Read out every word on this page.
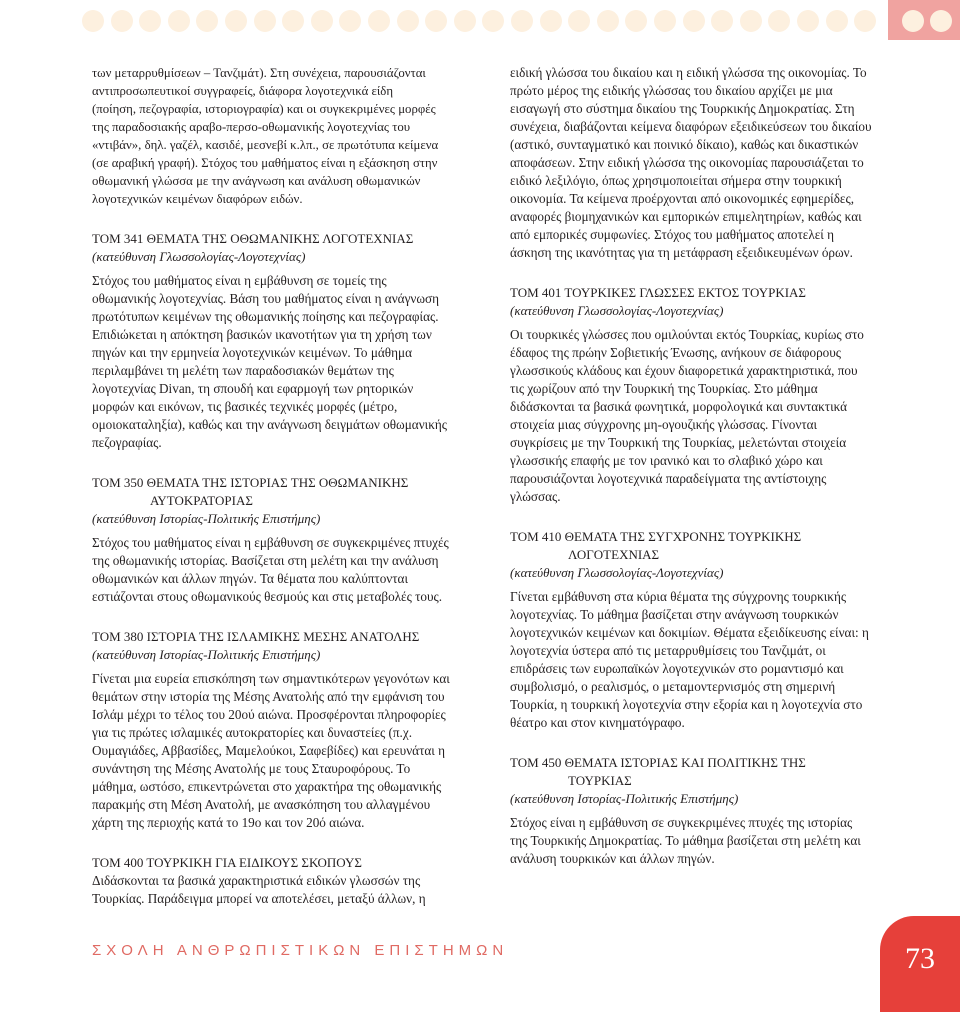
των μεταρρυθμίσεων – Τανζιμάτ). Στη συνέχεια, παρουσιάζονται
αντιπροσωπευτικοί συγγραφείς, διάφορα λογοτεχνικά είδη
(ποίηση, πεζογραφία, ιστοριογραφία) και οι συγκεκριμένες μορφές
της παραδοσιακής αραβο-περσο-οθωμανικής λογοτεχνίας του
«ντιβάν», δηλ. γαζέλ, κασιδέ, μεσνεβί κ.λπ., σε πρωτότυπα κείμενα
(σε αραβική γραφή). Στόχος του μαθήματος είναι η εξάσκηση στην
οθωμανική γλώσσα με την ανάγνωση και ανάλυση οθωμανικών
λογοτεχνικών κειμένων διαφόρων ειδών.

ΤΟΜ 341 ΘΕΜΑΤΑ ΤΗΣ ΟΘΩΜΑΝΙΚΗΣ ΛΟΓΟΤΕΧΝΙΑΣ

(κατεύθυνση Γλωσσολογίας-Λογοτεχνίας)

Στόχος του μαθήματος είναι η εμβάθυνση σε τομείς της
οθωμανικής λογοτεχνίας. Βάση του μαθήματος είναι η ανάγνωση
πρωτότυπων κειμένων της οθωμανικής ποίησης και πεζογραφίας.
Επιδιώκεται η απόκτηση βασικών ικανοτήτων για τη χρήση των
πηγών και την ερμηνεία λογοτεχνικών κειμένων. Το μάθημα
περιλαμβάνει τη μελέτη των παραδοσιακών θεμάτων της
λογοτεχνίας Divan, τη σπουδή και εφαρμογή των ρητορικών
μορφών και εικόνων, τις βασικές τεχνικές μορφές (μέτρο,
ομοιοκαταληξία), καθώς και την ανάγνωση δειγμάτων οθωμανικής
πεζογραφίας.

ΤΟΜ 350 ΘΕΜΑΤΑ ΤΗΣ ΙΣΤΟΡΙΑΣ ΤΗΣ ΟΘΩΜΑΝΙΚΗΣ
ΑΥΤΟΚΡΑΤΟΡΙΑΣ

(κατεύθυνση Ιστορίας-Πολιτικής Επιστήμης)

Στόχος του μαθήματος είναι η εμβάθυνση σε συγκεκριμένες πτυχές
της οθωμανικής ιστορίας. Βασίζεται στη μελέτη και την ανάλυση
οθωμανικών και άλλων πηγών. Τα θέματα που καλύπτονται
εστιάζονται στους οθωμανικούς θεσμούς και στις μεταβολές τους.

ΤΟΜ 380 ΙΣΤΟΡΙΑ ΤΗΣ ΙΣΛΑΜΙΚΗΣ ΜΕΣΗΣ ΑΝΑΤΟΛΗΣ

(κατεύθυνση Ιστορίας-Πολιτικής Επιστήμης)

Γίνεται μια ευρεία επισκόπηση των σημαντικότερων γεγονότων και
θεμάτων στην ιστορία της Μέσης Ανατολής από την εμφάνιση του
Ισλάμ μέχρι το τέλος του 20ού αιώνα. Προσφέρονται πληροφορίες
για τις πρώτες ισλαμικές αυτοκρατορίες και δυναστείες (π.χ.
Ουμαγιάδες, Αββασίδες, Μαμελούκοι, Σαφεβίδες) και ερευνάται η
συνάντηση της Μέσης Ανατολής με τους Σταυροφόρους. Το
μάθημα, ωστόσο, επικεντρώνεται στο χαρακτήρα της οθωμανικής
παρακμής στη Μέση Ανατολή, με ανασκόπηση του αλλαγμένου
χάρτη της περιοχής κατά το 19ο και τον 20ό αιώνα.

ΤΟΜ 400 ΤΟΥΡΚΙΚΗ ΓΙΑ ΕΙΔΙΚΟΥΣ ΣΚΟΠΟΥΣ

Διδάσκονται τα βασικά χαρακτηριστικά ειδικών γλωσσών της
Τουρκίας. Παράδειγμα μπορεί να αποτελέσει, μεταξύ άλλων, η

ειδική γλώσσα του δικαίου και η ειδική γλώσσα της οικονομίας. Το
πρώτο μέρος της ειδικής γλώσσας του δικαίου αρχίζει με μια
εισαγωγή στο σύστημα δικαίου της Τουρκικής Δημοκρατίας. Στη
συνέχεια, διαβάζονται κείμενα διαφόρων εξειδικεύσεων του δικαίου
(αστικό, συνταγματικό και ποινικό δίκαιο), καθώς και δικαστικών
αποφάσεων. Στην ειδική γλώσσα της οικονομίας παρουσιάζεται το
ειδικό λεξιλόγιο, όπως χρησιμοποιείται σήμερα στην τουρκική
οικονομία. Τα κείμενα προέρχονται από οικονομικές εφημερίδες,
αναφορές βιομηχανικών και εμπορικών επιμελητηρίων, καθώς και
από εμπορικές συμφωνίες. Στόχος του μαθήματος αποτελεί η
άσκηση της ικανότητας για τη μετάφραση εξειδικευμένων όρων.

ΤΟΜ 401 ΤΟΥΡΚΙΚΕΣ ΓΛΩΣΣΕΣ ΕΚΤΟΣ ΤΟΥΡΚΙΑΣ

(κατεύθυνση Γλωσσολογίας-Λογοτεχνίας)

Οι τουρκικές γλώσσες που ομιλούνται εκτός Τουρκίας, κυρίως στο
έδαφος της πρώην Σοβιετικής Ένωσης, ανήκουν σε διάφορους
γλωσσικούς κλάδους και έχουν διαφορετικά χαρακτηριστικά, που
τις χωρίζουν από την Τουρκική της Τουρκίας. Στο μάθημα
διδάσκονται τα βασικά φωνητικά, μορφολογικά και συντακτικά
στοιχεία μιας σύγχρονης μη-ογουζικής γλώσσας. Γίνονται
συγκρίσεις με την Τουρκική της Τουρκίας, μελετώνται στοιχεία
γλωσσικής επαφής με τον ιρανικό και το σλαβικό χώρο και
παρουσιάζονται λογοτεχνικά παραδείγματα της αντίστοιχης
γλώσσας.

ΤΟΜ 410 ΘΕΜΑΤΑ ΤΗΣ ΣΥΓΧΡΟΝΗΣ ΤΟΥΡΚΙΚΗΣ
ΛΟΓΟΤΕΧΝΙΑΣ

(κατεύθυνση Γλωσσολογίας-Λογοτεχνίας)

Γίνεται εμβάθυνση στα κύρια θέματα της σύγχρονης τουρκικής
λογοτεχνίας. Το μάθημα βασίζεται στην ανάγνωση τουρκικών
λογοτεχνικών κειμένων και δοκιμίων. Θέματα εξειδίκευσης είναι: η
λογοτεχνία ύστερα από τις μεταρρυθμίσεις του Τανζιμάτ, οι
επιδράσεις των ευρωπαϊκών λογοτεχνικών στο ρομαντισμό και
συμβολισμό, ο ρεαλισμός, ο μεταμοντερνισμός στη σημερινή
Τουρκία, η τουρκική λογοτεχνία στην εξορία και η λογοτεχνία στο
θέατρο και στον κινηματόγραφο.

ΤΟΜ 450 ΘΕΜΑΤΑ ΙΣΤΟΡΙΑΣ ΚΑΙ ΠΟΛΙΤΙΚΗΣ ΤΗΣ
ΤΟΥΡΚΙΑΣ

(κατεύθυνση Ιστορίας-Πολιτικής Επιστήμης)

Στόχος είναι η εμβάθυνση σε συγκεκριμένες πτυχές της ιστορίας
της Τουρκικής Δημοκρατίας. Το μάθημα βασίζεται στη μελέτη και
ανάλυση τουρκικών και άλλων πηγών.

ΣΧΟΛΗ ΑΝΘΡΩΠΙΣΤΙΚΩΝ ΕΠΙΣΤΗΜΩΝ	73
